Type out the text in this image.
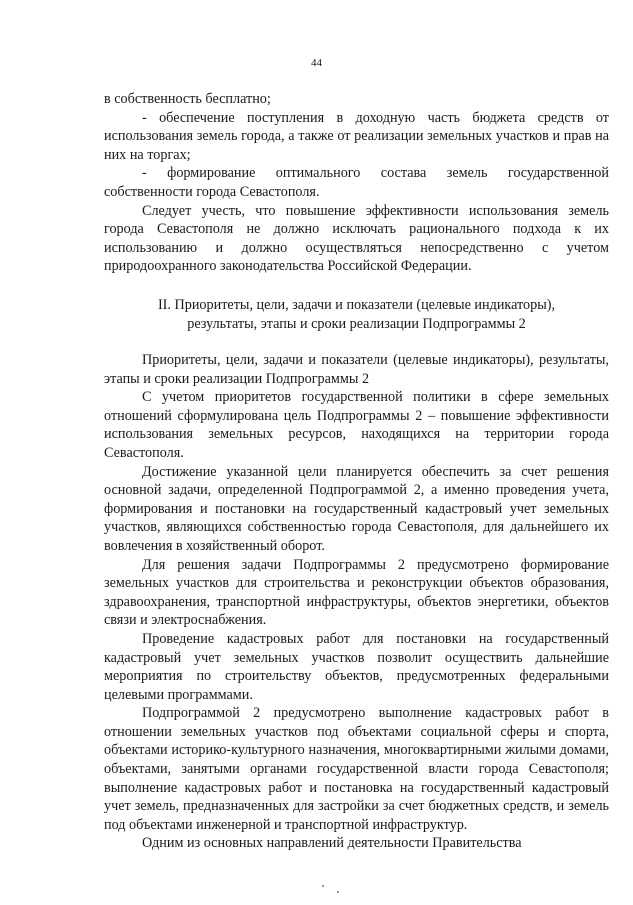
44

в собственность бесплатно;

- обеспечение поступления в доходную часть бюджета средств от использования земель города, а также от реализации земельных участков и прав на них на торгах;

- формирование оптимального состава земель государственной собственности города Севастополя.

Следует учесть, что повышение эффективности использования земель города Севастополя не должно исключать рационального подхода к их использованию и должно осуществляться непосредственно с учетом природоохранного законодательства Российской Федерации.

II. Приоритеты, цели, задачи и показатели (целевые индикаторы),
результаты, этапы и сроки реализации Подпрограммы 2

Приоритеты, цели, задачи и показатели (целевые индикаторы), результаты, этапы и сроки реализации Подпрограммы 2

С учетом приоритетов государственной политики в сфере земельных отношений сформулирована цель Подпрограммы 2 – повышение эффективности использования земельных ресурсов, находящихся на территории города Севастополя.

Достижение указанной цели планируется обеспечить за счет решения основной задачи, определенной Подпрограммой 2, а именно проведения учета, формирования и постановки на государственный кадастровый учет земельных участков, являющихся собственностью города Севастополя, для дальнейшего их вовлечения в хозяйственный оборот.

Для решения задачи Подпрограммы 2 предусмотрено формирование земельных участков для строительства и реконструкции объектов образования, здравоохранения, транспортной инфраструктуры, объектов энергетики, объектов связи и электроснабжения.

Проведение кадастровых работ для постановки на государственный кадастровый учет земельных участков позволит осуществить дальнейшие мероприятия по строительству объектов, предусмотренных федеральными целевыми программами.

Подпрограммой 2 предусмотрено выполнение кадастровых работ в отношении земельных участков под объектами социальной сферы и спорта, объектами историко-культурного назначения, многоквартирными жилыми домами, объектами, занятыми органами государственной власти города Севастополя; выполнение кадастровых работ и постановка на государственный кадастровый учет земель, предназначенных для застройки за счет бюджетных средств, и земель под объектами инженерной и транспортной инфраструктур.

Одним из основных направлений деятельности Правительства
